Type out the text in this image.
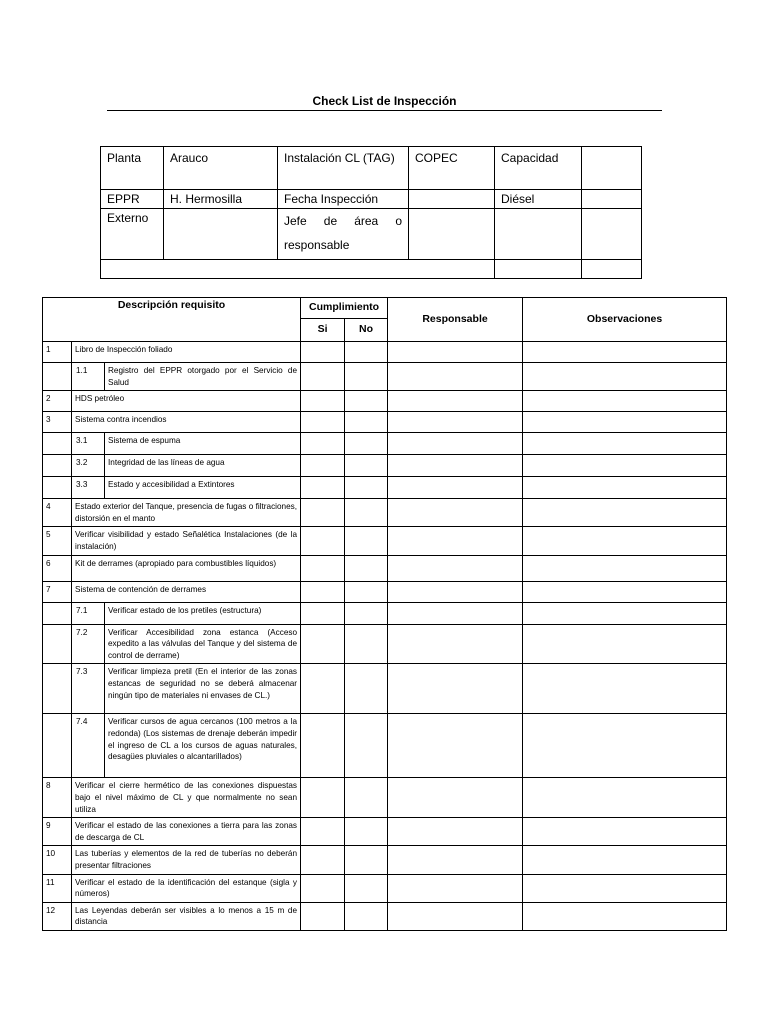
Check List de Inspección
Planta	Arauco	Instalación CL (TAG)	COPEC	Capacidad	
EPPR	H. Hermosilla	Fecha Inspección		Diésel	
Externo		Jefe de área o responsable			

Descripción requisito			Cumplimiento		Responsable	Observaciones
			Si	No		
1	Libro de Inspección foliado					
	1.1	Registro del EPPR otorgado por el Servicio de Salud				
2	HDS petróleo					
3	Sistema contra incendios					
	3.1	Sistema de espuma				
	3.2	Integridad de las líneas de agua				
	3.3	Estado y accesibilidad a Extintores				
4	Estado exterior del Tanque, presencia de fugas o filtraciones, distorsión en el manto					
5	Verificar visibilidad y estado Señalética Instalaciones (de la instalación)					
6	Kit de derrames (apropiado para combustibles líquidos)					
7	Sistema de contención de derrames					
	7.1	Verificar estado de los pretiles (estructura)				
	7.2	Verificar Accesibilidad zona estanca (Acceso expedito a las válvulas del Tanque y del sistema de control de derrame)				
	7.3	Verificar limpieza pretil (En el interior de las zonas estancas de seguridad no se deberá almacenar ningún tipo de materiales ni envases de CL.)				
	7.4	Verificar cursos de agua cercanos (100 metros a la redonda) (Los sistemas de drenaje deberán impedir el ingreso de CL a los cursos de aguas naturales, desagües pluviales o alcantarillados)				
8	Verificar el cierre hermético de las conexiones dispuestas bajo el nivel máximo de CL y que normalmente no sean utiliza					
9	Verificar el estado de las conexiones a tierra para las zonas de descarga de CL					
10	Las tuberías y elementos de la red de tuberías no deberán presentar filtraciones					
11	Verificar el estado de la identificación del estanque (sigla y números)					
12	Las Leyendas deberán ser visibles a lo menos a 15 m de distancia					
